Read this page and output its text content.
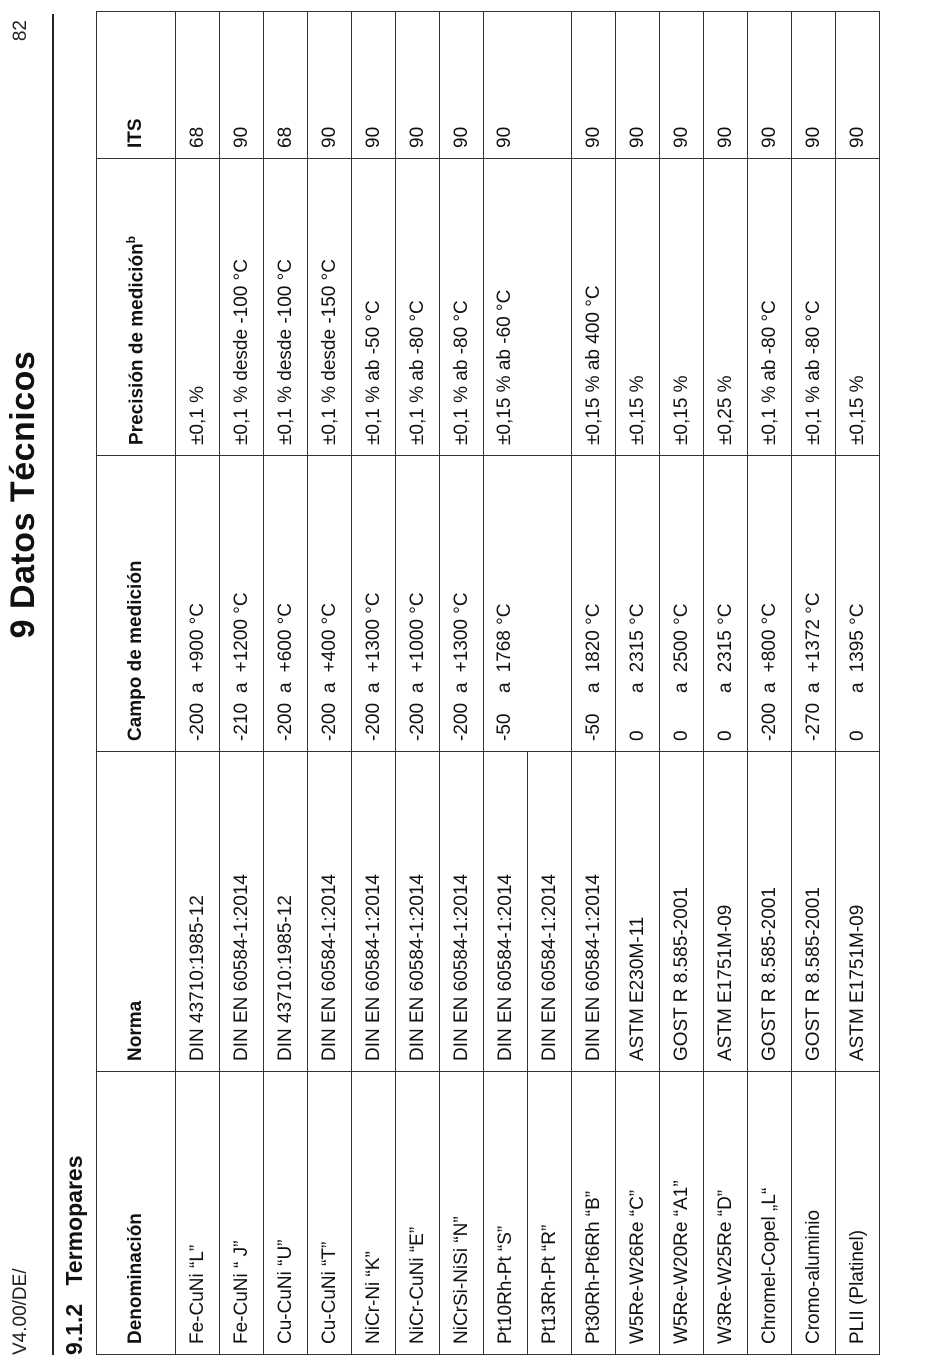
V4.00/DE/
9 Datos Técnicos
82
9.1.2 Termopares Denominación	Norma	Campo de medición	Precisión de medición$^b$	ITS
Fe-CuNi “L”	DIN 43710:1985-12	-200a+900 °C	±0,1 %	68
Fe-CuNi “ J”	DIN EN 60584-1:2014	-210a+1200 °C	±0,1 % desde -100 °C	90
Cu-CuNi “U”	DIN 43710:1985-12	-200a+600 °C	±0,1 % desde -100 °C	68
Cu-CuNi “T”	DIN EN 60584-1:2014	-200a+400 °C	±0,1 % desde -150 °C	90
NiCr-Ni “K”	DIN EN 60584-1:2014	-200a+1300 °C	±0,1 % ab -50 °C	90
NiCr-CuNi “E”	DIN EN 60584-1:2014	-200a+1000 °C	±0,1 % ab -80 °C	90
NiCrSi-NiSi “N”	DIN EN 60584-1:2014	-200a+1300 °C	±0,1 % ab -80 °C	90
Pt10Rh-Pt “S”	DIN EN 60584-1:2014	-50a1768 °C	±0,15 % ab -60 °C	90
Pt13Rh-Pt “R”	DIN EN 60584-1:2014			
Pt30Rh-Pt6Rh “B”	DIN EN 60584-1:2014	-50a1820 °C	±0,15 % ab 400 °C	90
W5Re-W26Re “C”	ASTM E230M-11	0a2315 °C	±0,15 %	90
W5Re-W20Re “A1”	GOST R 8.585-2001	0a2500 °C	±0,15 %	90
W3Re-W25Re “D”	ASTM E1751M-09	0a2315 °C	±0,25 %	90
Chromel-Copel „L“	GOST R 8.585-2001	-200a+800 °C	±0,1 % ab -80 °C	90
Cromo-aluminio	GOST R 8.585-2001	-270a+1372 °C	±0,1 % ab -80 °C	90
PLII (Platinel)	ASTM E1751M-09	0a1395 °C	±0,15 %	90
